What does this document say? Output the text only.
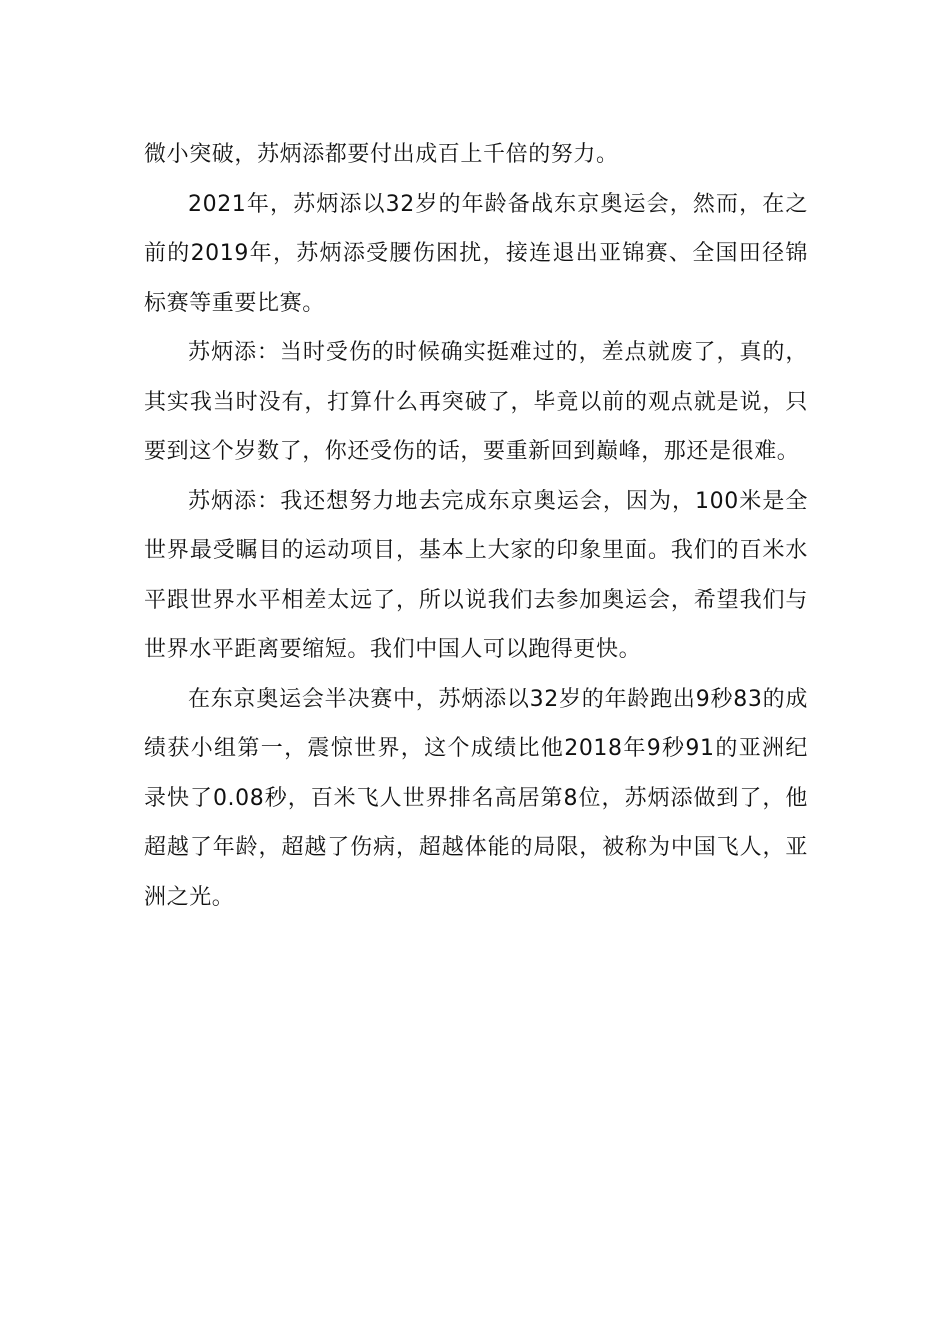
微小突破，苏炳添都要付出成百上千倍的努力。

2021年，苏炳添以32岁的年龄备战东京奥运会，然而，在之前的2019年，苏炳添受腰伤困扰，接连退出亚锦赛、全国田径锦标赛等重要比赛。

苏炳添：当时受伤的时候确实挺难过的，差点就废了，真的，其实我当时没有，打算什么再突破了，毕竟以前的观点就是说，只要到这个岁数了，你还受伤的话，要重新回到巅峰，那还是很难。

苏炳添：我还想努力地去完成东京奥运会，因为，100米是全世界最受瞩目的运动项目，基本上大家的印象里面。我们的百米水平跟世界水平相差太远了，所以说我们去参加奥运会，希望我们与世界水平距离要缩短。我们中国人可以跑得更快。

在东京奥运会半决赛中，苏炳添以32岁的年龄跑出9秒83的成绩获小组第一，震惊世界，这个成绩比他2018年9秒91的亚洲纪录快了0.08秒，百米飞人世界排名高居第8位，苏炳添做到了，他超越了年龄，超越了伤病，超越体能的局限，被称为中国飞人，亚洲之光。
